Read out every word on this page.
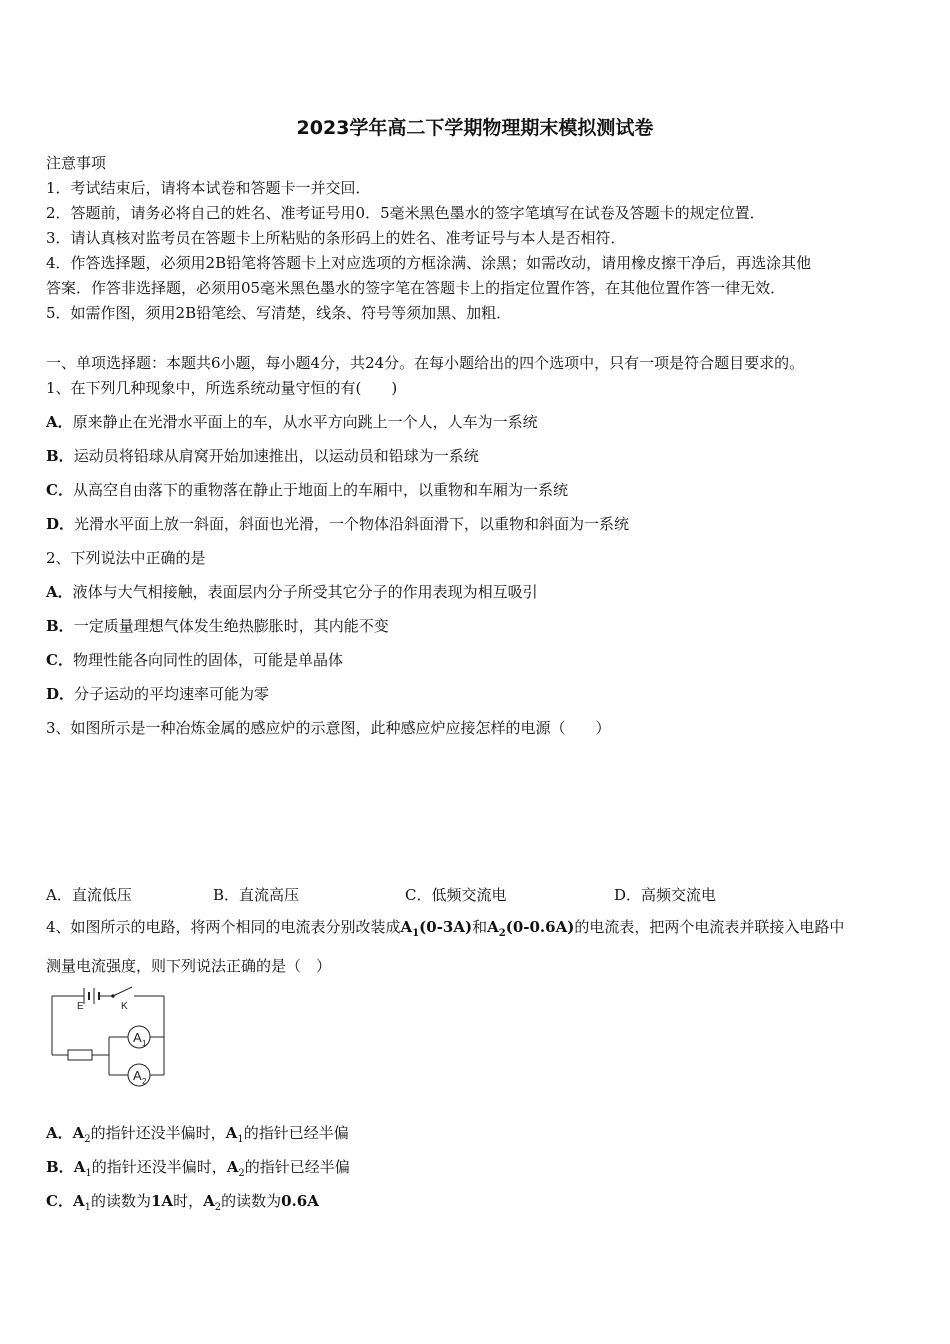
2023学年高二下学期物理期末模拟测试卷
注意事项
1．考试结束后，请将本试卷和答题卡一并交回．
2．答题前，请务必将自己的姓名、准考证号用0．5毫米黑色墨水的签字笔填写在试卷及答题卡的规定位置．
3．请认真核对监考员在答题卡上所粘贴的条形码上的姓名、准考证号与本人是否相符．
4．作答选择题，必须用2B铅笔将答题卡上对应选项的方框涂满、涂黑；如需改动，请用橡皮擦干净后，再选涂其他
答案．作答非选择题，必须用05毫米黑色墨水的签字笔在答题卡上的指定位置作答，在其他位置作答一律无效．
5．如需作图，须用2B铅笔绘、写清楚，线条、符号等须加黑、加粗．
一、单项选择题：本题共6小题，每小题4分，共24分。在每小题给出的四个选项中，只有一项是符合题目要求的。
1、在下列几种现象中，所选系统动量守恒的有(　　)
A．原来静止在光滑水平面上的车，从水平方向跳上一个人，人车为一系统
B．运动员将铅球从肩窝开始加速推出，以运动员和铅球为一系统
C．从高空自由落下的重物落在静止于地面上的车厢中，以重物和车厢为一系统
D．光滑水平面上放一斜面，斜面也光滑，一个物体沿斜面滑下，以重物和斜面为一系统
2、下列说法中正确的是
A．液体与大气相接触，表面层内分子所受其它分子的作用表现为相互吸引
B．一定质量理想气体发生绝热膨胀时，其内能不变
C．物理性能各向同性的固体，可能是单晶体
D．分子运动的平均速率可能为零
3、如图所示是一种冶炼金属的感应炉的示意图，此种感应炉应接怎样的电源（　　）
A．直流低压	B．直流高压	C．低频交流电	D．高频交流电
4、如图所示的电路，将两个相同的电流表分别改装成$A_1(0-3A)$和$A_2(0-0.6A)$的电流表，把两个电流表并联接入电路中
测量电流强度，则下列说法正确的是（　）
E	K
A 1
A 2
A．$A_2$的指针还没半偏时，$A_1$的指针已经半偏
B．$A_1$的指针还没半偏时，$A_2$的指针已经半偏
C．$A_1$的读数为1A时，$A_2$的读数为0.6A
